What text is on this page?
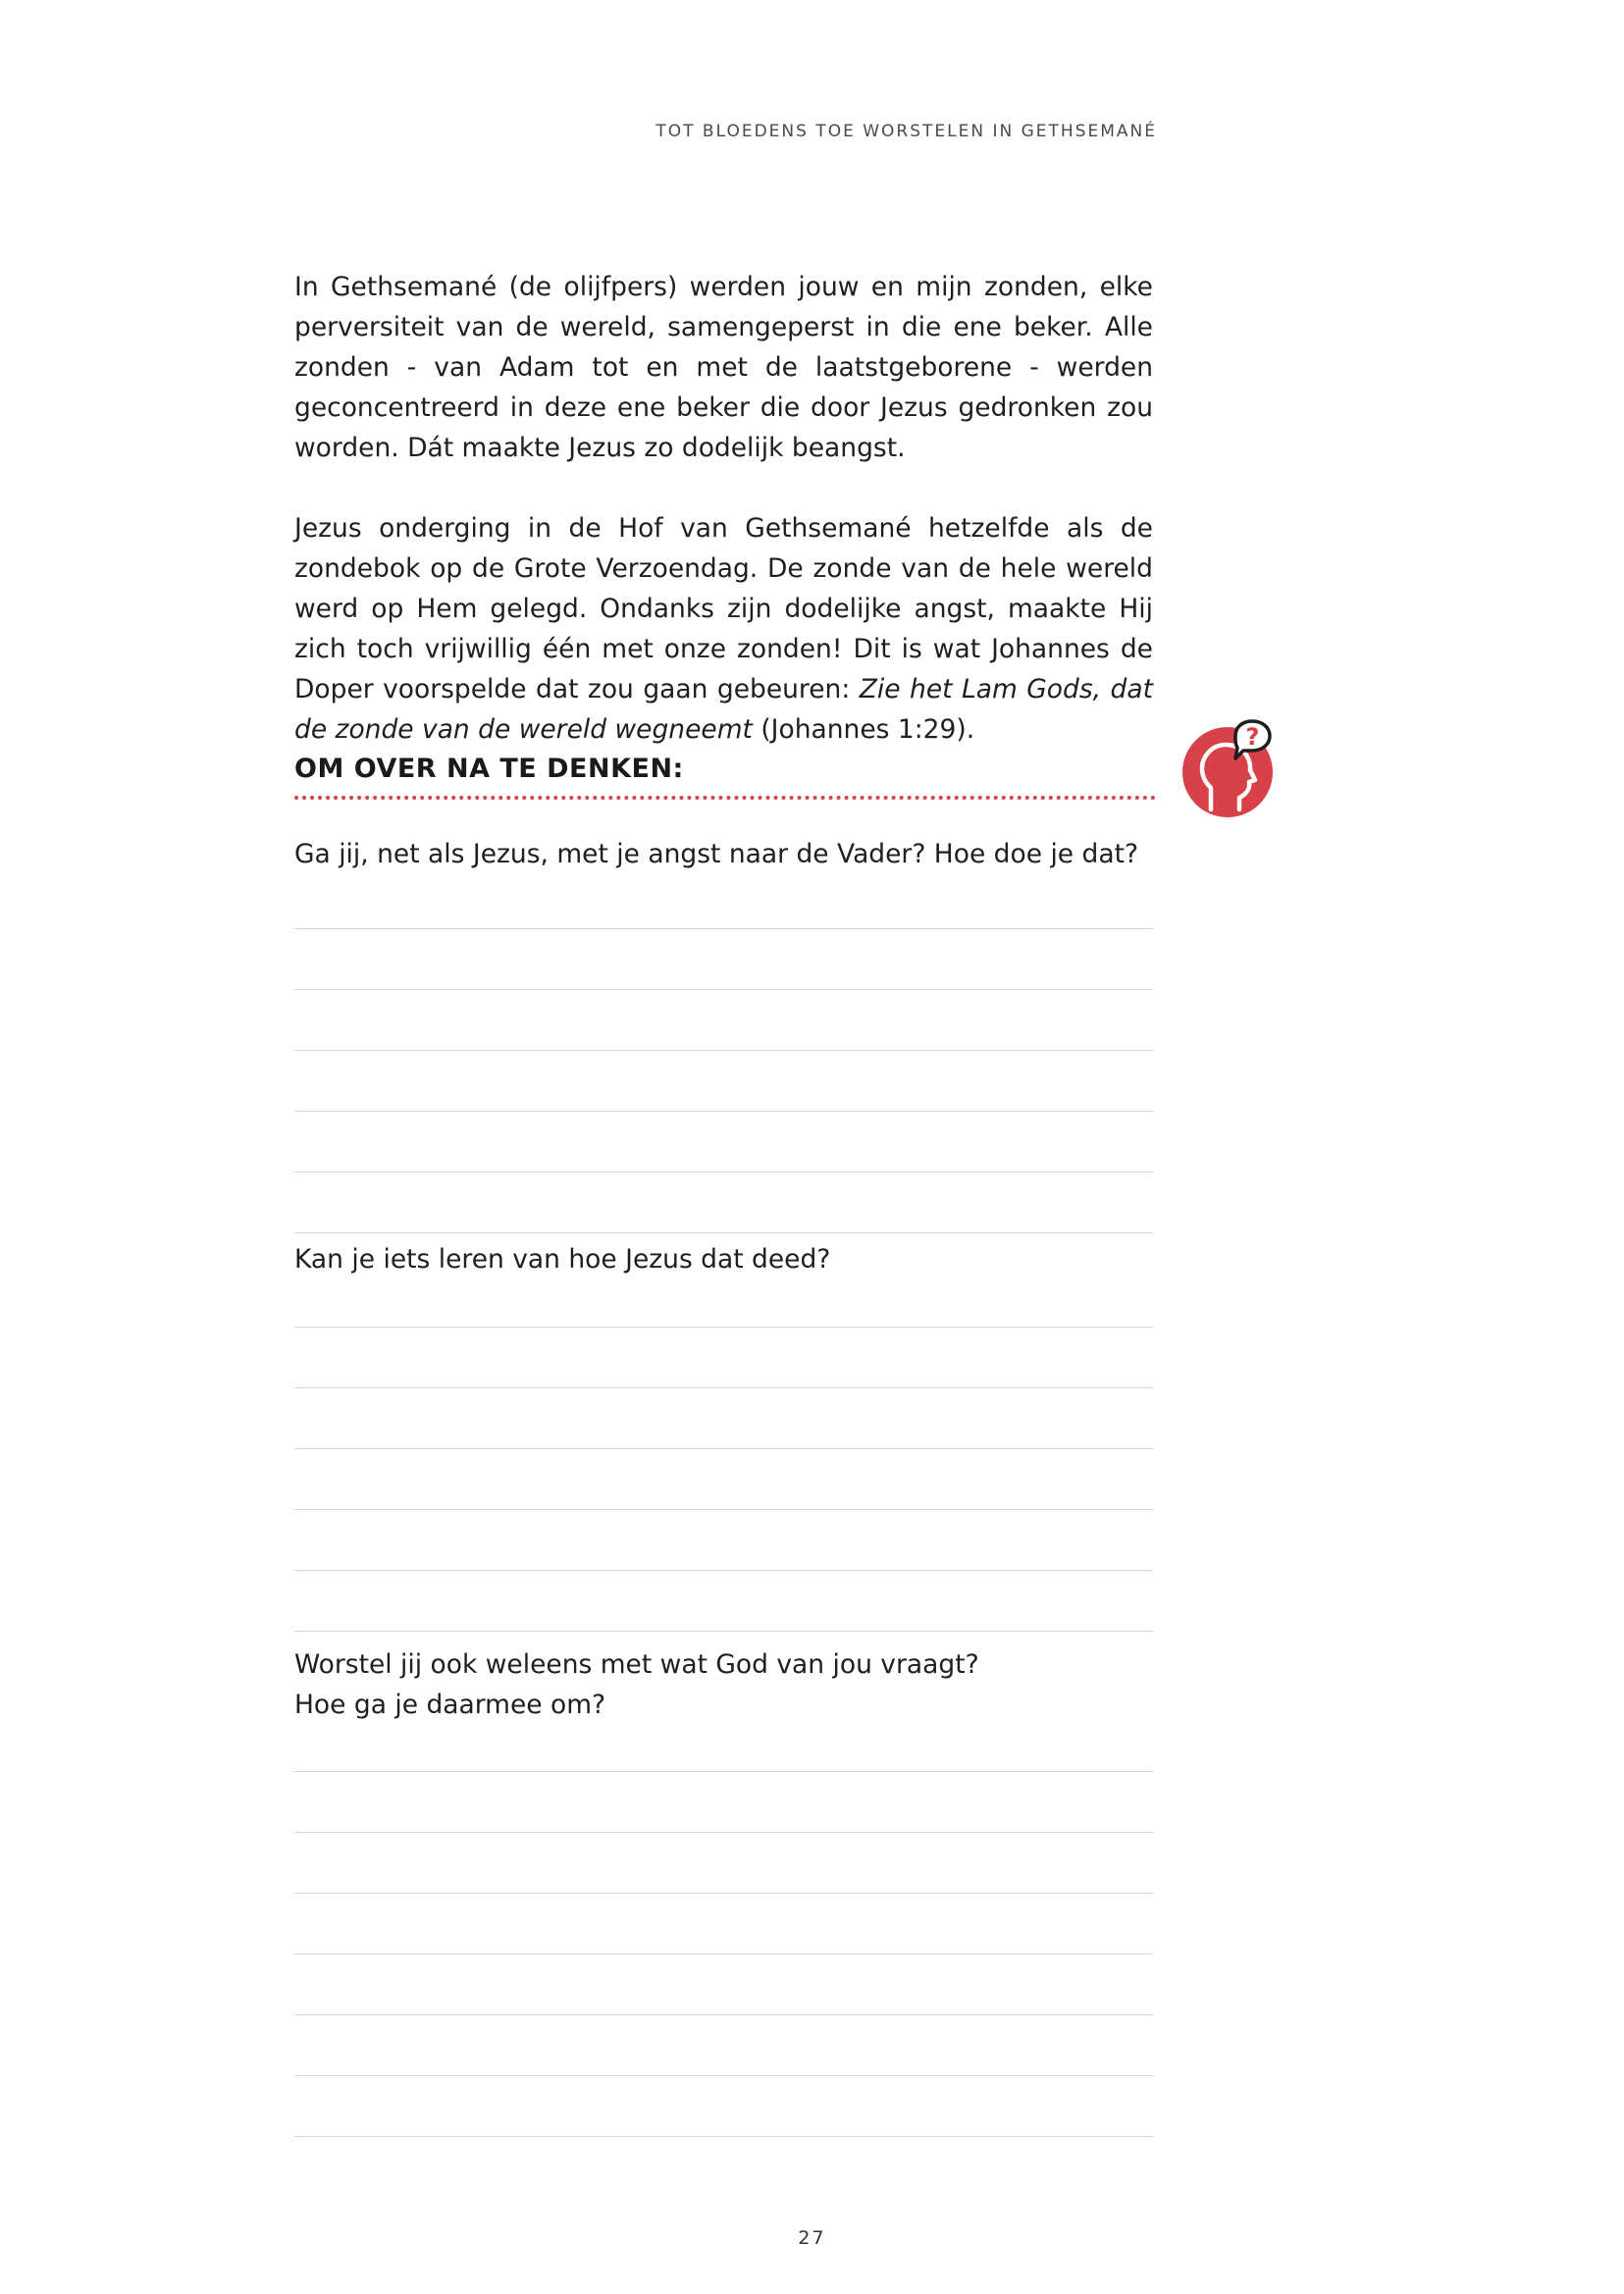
TOT BLOEDENS TOE WORSTELEN IN GETHSEMANÉ

In Gethsemané (de olijfpers) werden jouw en mijn zonden, elke perversiteit van de wereld, samengeperst in die ene beker. Alle zonden - van Adam tot en met de laatstgeborene - werden geconcentreerd in deze ene beker die door Jezus gedronken zou worden. Dát maakte Jezus zo dodelijk beangst.

Jezus onderging in de Hof van Gethsemané hetzelfde als de zondebok op de Grote Verzoendag. De zonde van de hele wereld werd op Hem gelegd. Ondanks zijn dodelijke angst, maakte Hij zich toch vrijwillig één met onze zonden! Dit is wat Johannes de Doper voorspelde dat zou gaan gebeuren: Zie het Lam Gods, dat de zonde van de wereld wegneemt (Johannes 1:29).

OM OVER NA TE DENKEN:
?

Ga jij, net als Jezus, met je angst naar de Vader? Hoe doe je dat?

Kan je iets leren van hoe Jezus dat deed?

Worstel jij ook weleens met wat God van jou vraagt?
Hoe ga je daarmee om?

27
